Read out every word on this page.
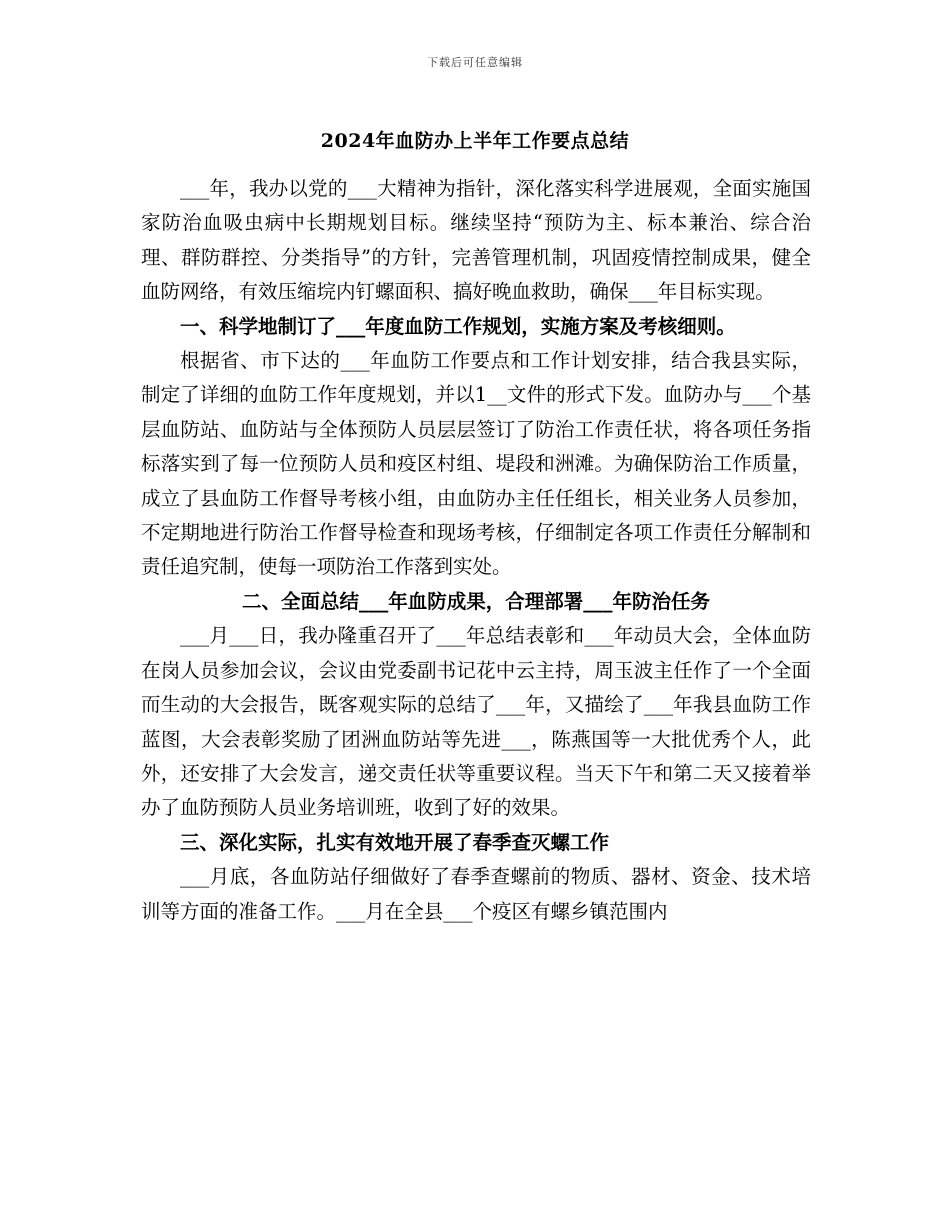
下载后可任意编辑
2024年血防办上半年工作要点总结

___年，我办以党的___大精神为指针，深化落实科学进展观，全面实施国家防治血吸虫病中长期规划目标。继续坚持“预防为主、标本兼治、综合治理、群防群控、分类指导”的方针，完善管理机制，巩固疫情控制成果，健全血防网络，有效压缩垸内钉螺面积、搞好晚血救助，确保___年目标实现。

一、科学地制订了___年度血防工作规划，实施方案及考核细则。

根据省、市下达的___年血防工作要点和工作计划安排，结合我县实际，制定了详细的血防工作年度规划，并以1__文件的形式下发。血防办与___个基层血防站、血防站与全体预防人员层层签订了防治工作责任状，将各项任务指标落实到了每一位预防人员和疫区村组、堤段和洲滩。为确保防治工作质量，成立了县血防工作督导考核小组，由血防办主任任组长，相关业务人员参加，不定期地进行防治工作督导检查和现场考核，仔细制定各项工作责任分解制和责任追究制，使每一项防治工作落到实处。

二、全面总结___年血防成果，合理部署___年防治任务

___月___日，我办隆重召开了___年总结表彰和___年动员大会，全体血防在岗人员参加会议，会议由党委副书记花中云主持，周玉波主任作了一个全面而生动的大会报告，既客观实际的总结了___年，又描绘了___年我县血防工作蓝图，大会表彰奖励了团洲血防站等先进___，陈燕国等一大批优秀个人，此外，还安排了大会发言，递交责任状等重要议程。当天下午和第二天又接着举办了血防预防人员业务培训班，收到了好的效果。

三、深化实际，扎实有效地开展了春季查灭螺工作

___月底，各血防站仔细做好了春季查螺前的物质、器材、资金、技术培训等方面的准备工作。___月在全县___个疫区有螺乡镇范围内
